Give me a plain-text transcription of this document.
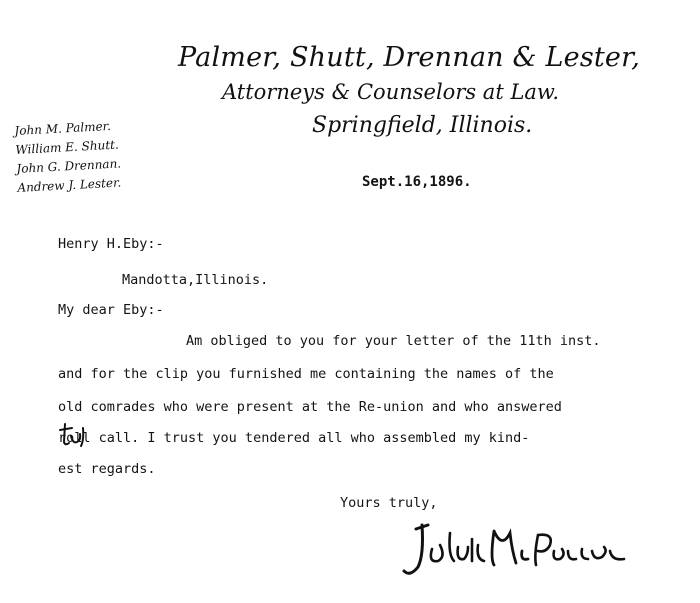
Palmer, Shutt, Drennan & Lester,
Attorneys & Counselors at Law.
Springfield, Illinois.
John M. Palmer.
William E. Shutt.
John G. Drennan.
Andrew J. Lester.	Sept.16,1896.
Henry H.Eby:-
Mandotta,Illinois.
My dear Eby:-
Am obliged to you for your letter of the 11th inst.
and for the clip you furnished me containing the names of the
old comrades who were present at the Re-union and who answered
roll call. I trust you tendered all who assembled my kind-
est regards.
Yours truly,
